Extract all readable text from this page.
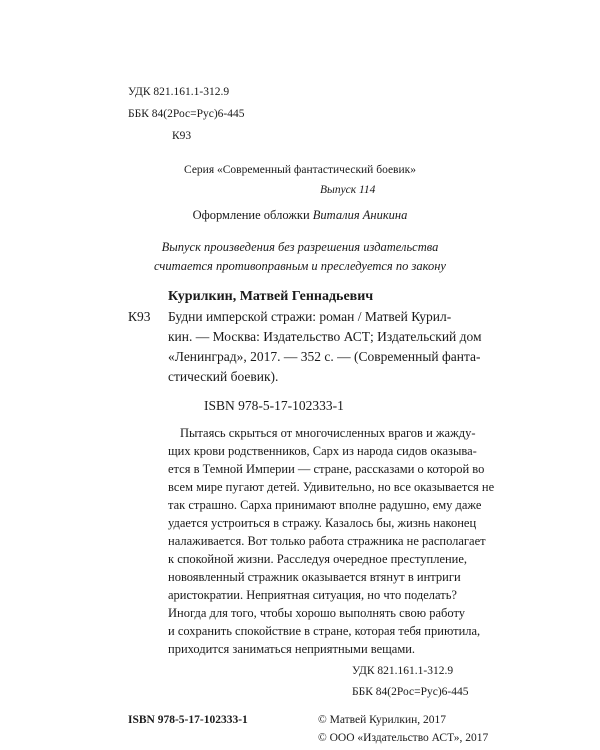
УДК 821.161.1-312.9
ББК 84(2Рос=Рус)6-445
К93
Серия «Современный фантастический боевик»
Выпуск 114
Оформление обложки Виталия Аникина
Выпуск произведения без разрешения издательства
считается противоправным и преследуется по закону
Курилкин, Матвей Геннадьевич
К93 Будни имперской стражи: роман / Матвей Курил-
кин. — Москва: Издательство АСТ; Издательский дом
«Ленинград», 2017. — 352 с. — (Современный фанта-
стический боевик).
ISBN 978-5-17-102333-1
Пытаясь скрыться от многочисленных врагов и жажду-
щих крови родственников, Сарх из народа сидов оказыва-
ется в Темной Империи — стране, рассказами о которой во
всем мире пугают детей. Удивительно, но все оказывается не
так страшно. Сарха принимают вполне радушно, ему даже
удается устроиться в стражу. Казалось бы, жизнь наконец
налаживается. Вот только работа стражника не располагает
к спокойной жизни. Расследуя очередное преступление,
новоявленный стражник оказывается втянут в интриги
аристократии. Неприятная ситуация, но что поделать?
Иногда для того, чтобы хорошо выполнять свою работу
и сохранить спокойствие в стране, которая тебя приютила,
приходится заниматься неприятными вещами.
УДК 821.161.1-312.9
ББК 84(2Рос=Рус)6-445
ISBN 978-5-17-102333-1	© Матвей Курилкин, 2017
© ООО «Издательство АСТ», 2017
